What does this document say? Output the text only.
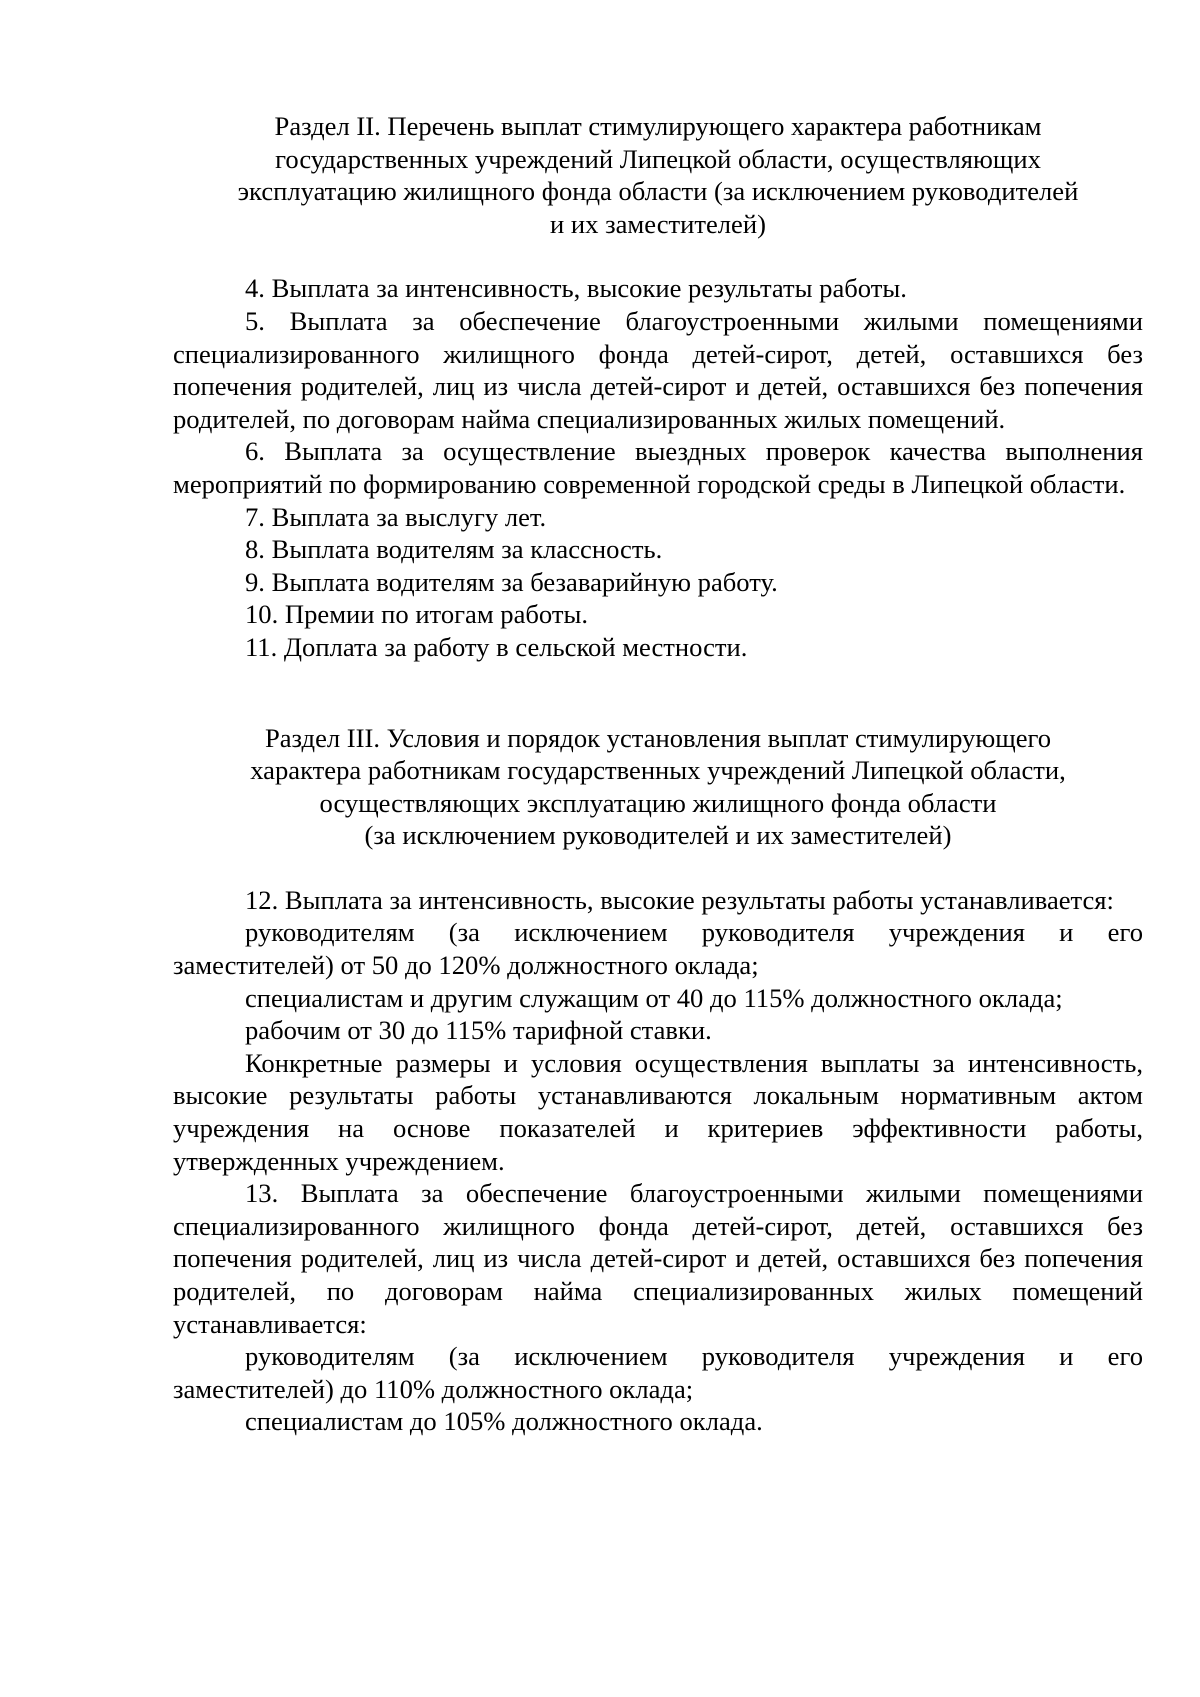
Раздел II. Перечень выплат стимулирующего характера работникам
государственных учреждений Липецкой области, осуществляющих
эксплуатацию жилищного фонда области (за исключением руководителей
и их заместителей)

4. Выплата за интенсивность, высокие результаты работы.

5. Выплата за обеспечение благоустроенными жилыми помещениями специализированного жилищного фонда детей-сирот, детей, оставшихся без попечения родителей, лиц из числа детей-сирот и детей, оставшихся без попечения родителей, по договорам найма специализированных жилых помещений.

6. Выплата за осуществление выездных проверок качества выполнения мероприятий по формированию современной городской среды в Липецкой области.

7. Выплата за выслугу лет.

8. Выплата водителям за классность.

9. Выплата водителям за безаварийную работу.

10. Премии по итогам работы.

11. Доплата за работу в сельской местности.

Раздел III. Условия и порядок установления выплат стимулирующего
характера работникам государственных учреждений Липецкой области,
осуществляющих эксплуатацию жилищного фонда области
(за исключением руководителей и их заместителей)

12. Выплата за интенсивность, высокие результаты работы устанавливается:

руководителям (за исключением руководителя учреждения и его заместителей) от 50 до 120% должностного оклада;

специалистам и другим служащим от 40 до 115% должностного оклада;

рабочим от 30 до 115% тарифной ставки.

Конкретные размеры и условия осуществления выплаты за интенсивность, высокие результаты работы устанавливаются локальным нормативным актом учреждения на основе показателей и критериев эффективности работы, утвержденных учреждением.

13. Выплата за обеспечение благоустроенными жилыми помещениями специализированного жилищного фонда детей-сирот, детей, оставшихся без попечения родителей, лиц из числа детей-сирот и детей, оставшихся без попечения родителей, по договорам найма специализированных жилых помещений устанавливается:

руководителям (за исключением руководителя учреждения и его заместителей) до 110% должностного оклада;

специалистам до 105% должностного оклада.
